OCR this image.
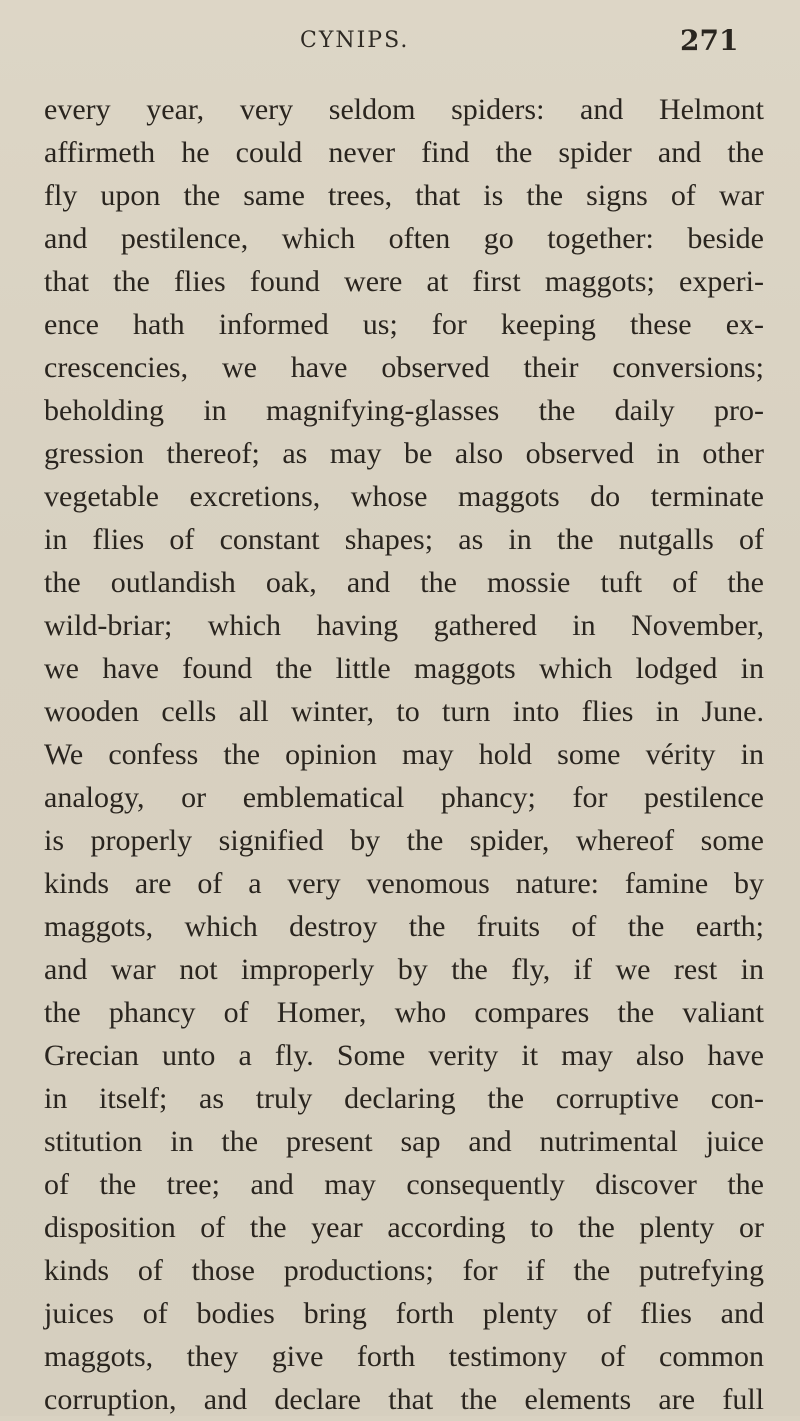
CYNIPS.	271
every year, very seldom spiders: and Helmont
affirmeth he could never find the spider and the
fly upon the same trees, that is the signs of war
and pestilence, which often go together: beside
that the flies found were at first maggots; experi-
ence hath informed us; for keeping these ex-
crescencies, we have observed their conversions;
beholding in magnifying-glasses the daily pro-
gression thereof; as may be also observed in other
vegetable excretions, whose maggots do terminate
in flies of constant shapes; as in the nutgalls of
the outlandish oak, and the mossie tuft of the
wild-briar; which having gathered in November,
we have found the little maggots which lodged in
wooden cells all winter, to turn into flies in June.
We confess the opinion may hold some vérity in
analogy, or emblematical phancy; for pestilence
is properly signified by the spider, whereof some
kinds are of a very venomous nature: famine by
maggots, which destroy the fruits of the earth;
and war not improperly by the fly, if we rest in
the phancy of Homer, who compares the valiant
Grecian unto a fly. Some verity it may also have
in itself; as truly declaring the corruptive con-
stitution in the present sap and nutrimental juice
of the tree; and may consequently discover the
disposition of the year according to the plenty or
kinds of those productions; for if the putrefying
juices of bodies bring forth plenty of flies and
maggots, they give forth testimony of common
corruption, and declare that the elements are full
